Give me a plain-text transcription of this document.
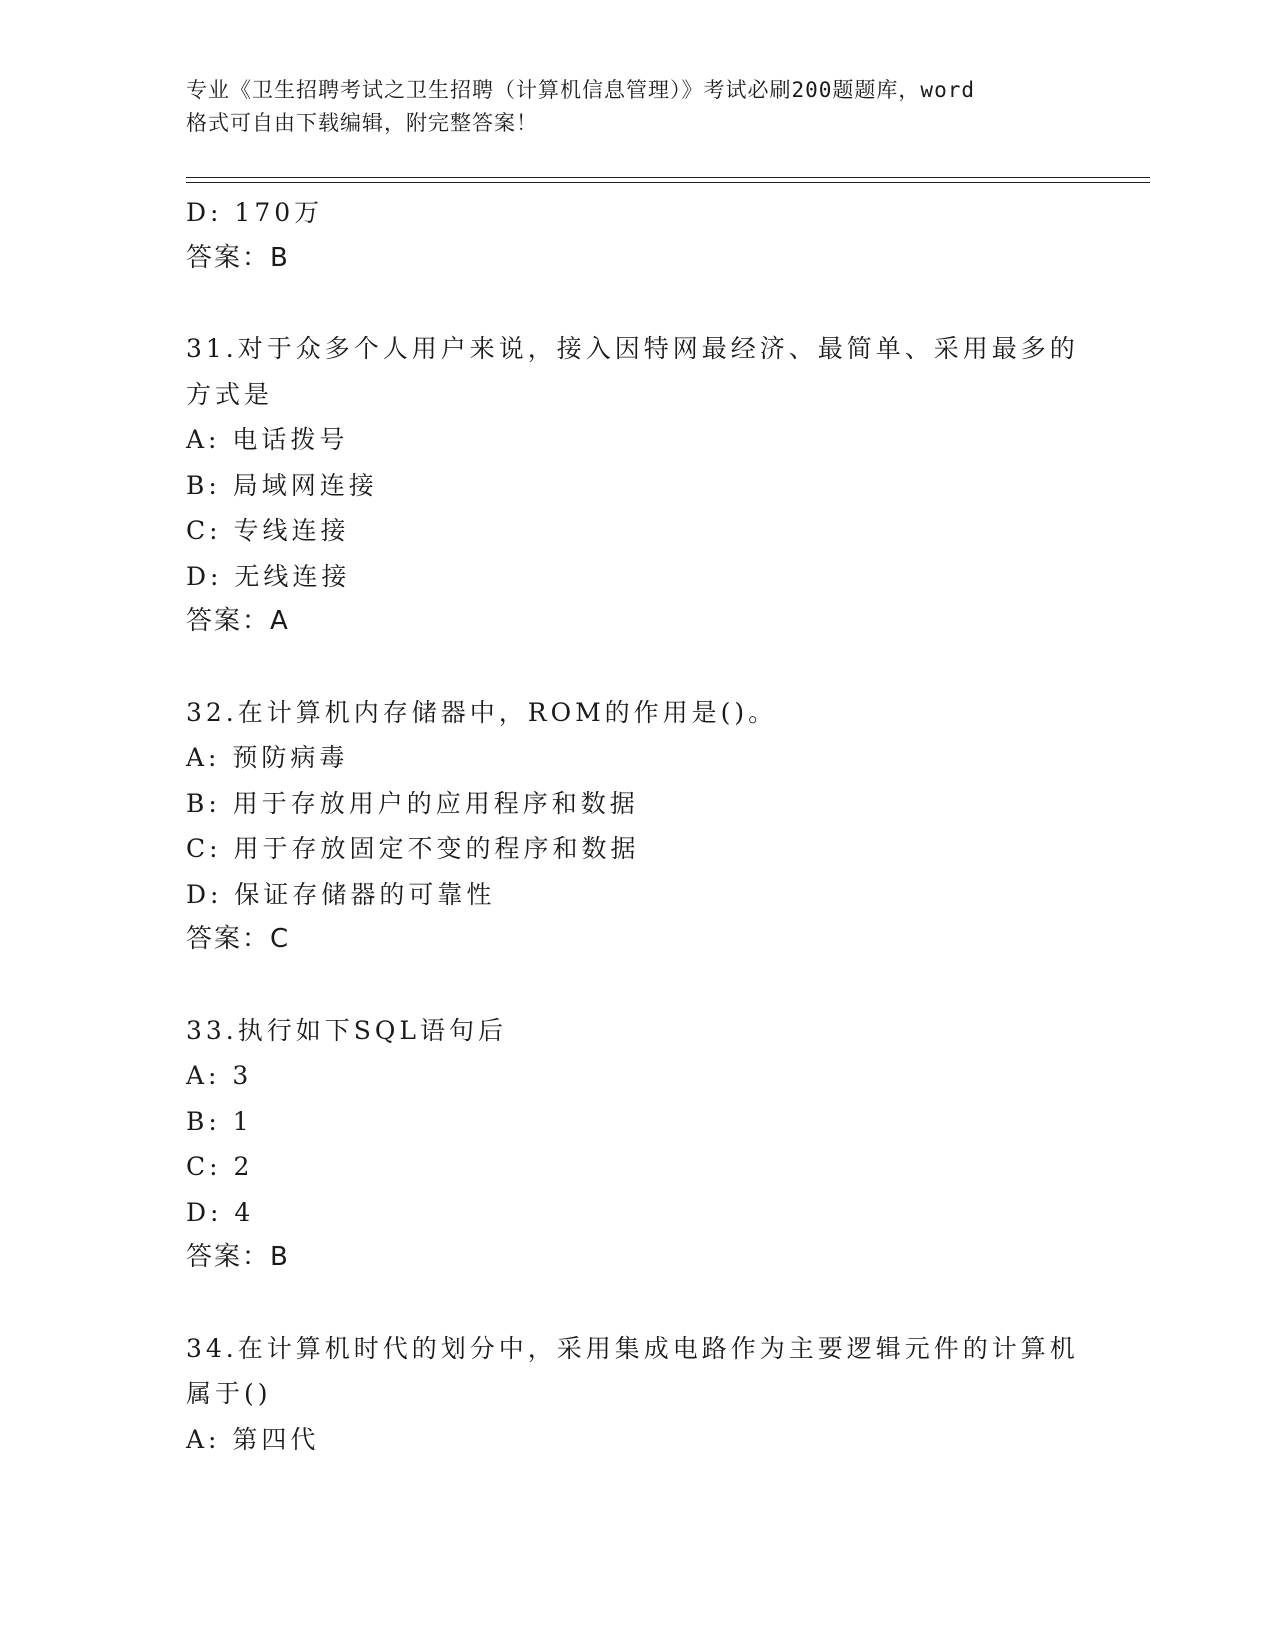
专业《卫生招聘考试之卫生招聘（计算机信息管理）》考试必刷200题题库，word
格式可自由下载编辑，附完整答案！
D: 170万
答案：B
31.对于众多个人用户来说，接入因特网最经济、最简单、采用最多的
方式是
A: 电话拨号
B: 局域网连接
C: 专线连接
D: 无线连接
答案：A
32.在计算机内存储器中，ROM的作用是()。
A: 预防病毒
B: 用于存放用户的应用程序和数据
C: 用于存放固定不变的程序和数据
D: 保证存储器的可靠性
答案：C
33.执行如下SQL语句后
A: 3
B: 1
C: 2
D: 4
答案：B
34.在计算机时代的划分中，采用集成电路作为主要逻辑元件的计算机
属于()
A: 第四代
